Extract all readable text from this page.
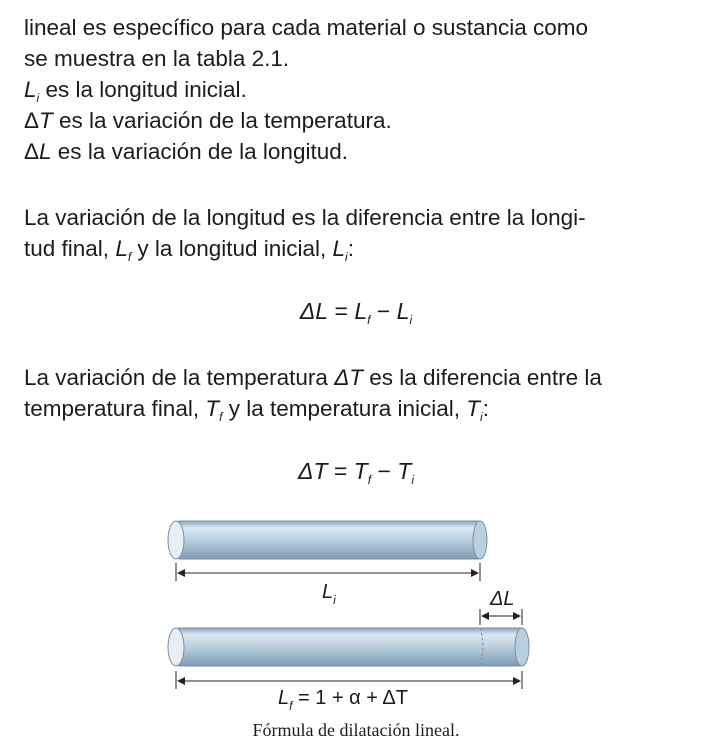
lineal es específico para cada material o sustancia como
se muestra en la tabla 2.1.
$L_i$ es la longitud inicial.
ΔT es la variación de la temperatura.
ΔL es la variación de la longitud.
La variación de la longitud es la diferencia entre la longi-
tud final, $L_f$ y la longitud inicial, $L_i$:
$\Delta L = L_f - L_i$
La variación de la temperatura ΔT es la diferencia entre la
temperatura final, $T_f$ y la temperatura inicial, $T_i$:
$\Delta T = T_f - T_i$
$L_i$	ΔL
$L_f = 1 + \alpha + \Delta T$
Fórmula de dilatación lineal.
